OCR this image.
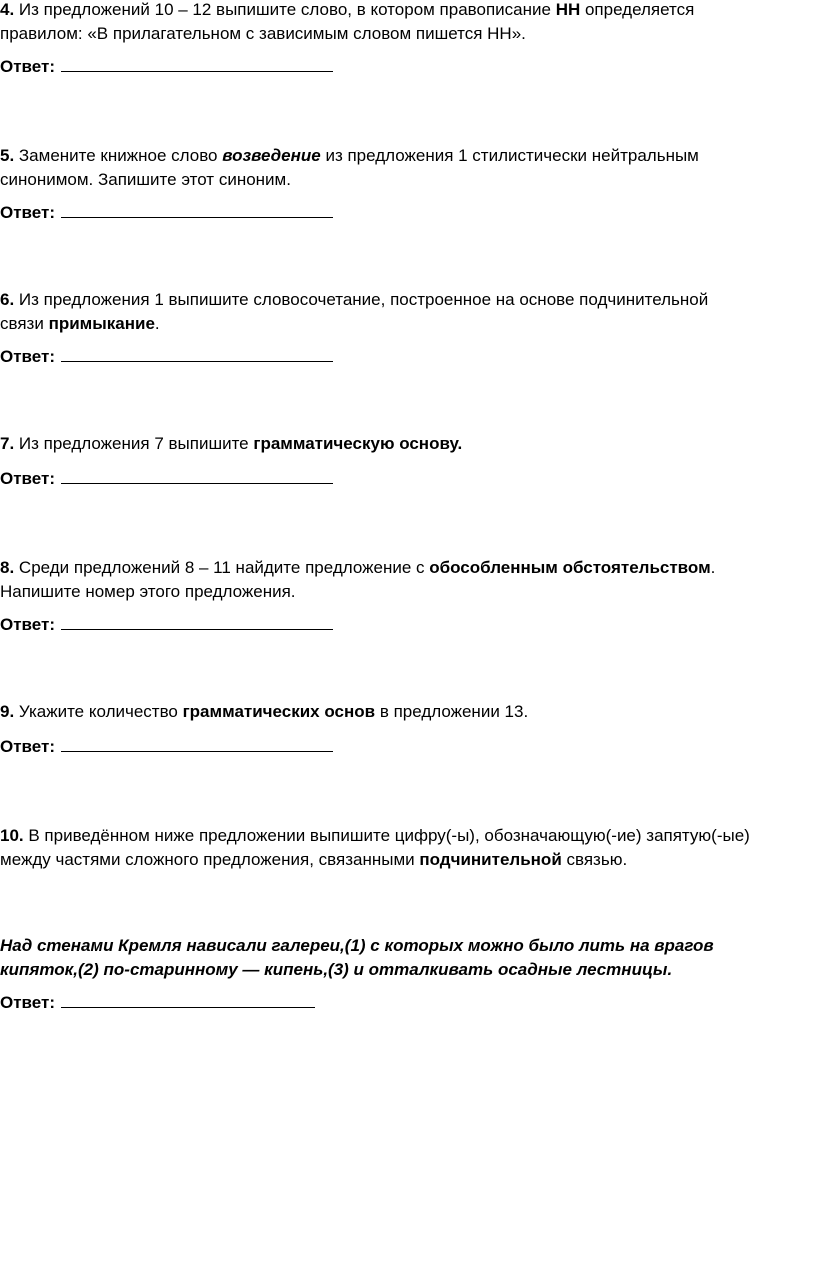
4. Из предложений 10 – 12 выпишите слово, в котором правописание НН определяется

правилом: «В прилагательном с зависимым словом пишется НН».

Ответ:

5. Замените книжное слово возведение из предложения 1 стилистически нейтральным

синонимом. Запишите этот синоним.

Ответ:

6. Из предложения 1 выпишите словосочетание, построенное на основе подчинительной

связи примыкание.

Ответ:

7. Из предложения 7 выпишите грамматическую основу.

Ответ:

8. Среди предложений 8 – 11 найдите предложение с обособленным обстоятельством.

Напишите номер этого предложения.

Ответ:

9. Укажите количество грамматических основ в предложении 13.

Ответ:

10. В приведённом ниже предложении выпишите цифру(-ы), обозначающую(-ие) запятую(-ые)

между частями сложного предложения, связанными подчинительной связью.

Над стенами Кремля нависали галереи,(1) с которых можно было лить на врагов

кипяток,(2) по-старинному — кипень,(3) и отталкивать осадные лестницы.

Ответ:
